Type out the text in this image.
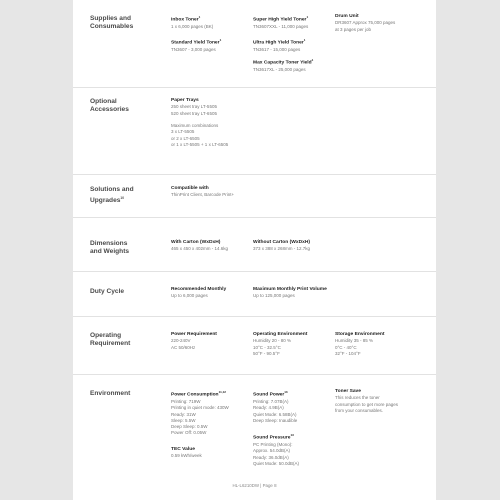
Supplies and
Consumables
Inbox Toner$^1$
1 x 6,000 pages (BK)
Standard Yield Toner$^1$
TN3607 - 3,000 pages
Super High Yield Toner$^1$
TN3607XXL - 11,000 pages
Ultra High Yield Toner$^1$
TN3617 - 15,000 pages
Max Capacity Toner Yield$^1$
TN3617XL - 25,000 pages
Drum Unit
DR3607 Approx 75,000 pages
at 3 pages per job
Optional
Accessories
Paper Trays
250 sheet tray LT-5505
520 sheet tray LT-6505
Maximum combinations
3 x LT-5505
or 2 x LT-6505
or 1 x LT-5505 + 1 x LT-6505
Solutions and
Upgrades$^{10}$
Compatible with
ThinPrint Client, Barcode Print+
Dimensions
and Weights
With Carton (WxDxH)
465 x 450 x 402mm - 14.6kg
Without Carton (WxDxH)
373 x 388 x 268mm - 12.7kg
Duty Cycle	Recommended Monthly
Up to 6,000 pages
Maximum Monthly Print Volume
Up to 125,000 pages
Operating
Requirement
Power Requirement
220-240V
AC 50/60Hz
Operating Environment
Humidity 20 - 80 %
10°C - 32.5°C
50°F - 90.5°F
Storage Environment
Humidity 35 - 85 %
0°C - 40°C
32°F - 104°F
Environment	Power Consumption$^{11,12}$
Printing: 719W
Printing in quiet mode: 430W
Ready: 31W
Sleep: 5.5W
Deep Sleep: 0.5W
Power Off: 0.05W
TEC Value
0.59 kWh/week
Sound Power$^{13}$
Printing: 7.07B(A)
Ready: 4.9B(A)
Quiet Mode: 6.58B(A)
Deep Sleep: Inaudible
Sound Pressure$^{13}$
PC Printing (Mono):
Approx. 54.0dB(A)
Ready: 36.0dB(A)
Quiet Mode: 50.0dB(A)
Toner Save
This reduces the toner
consumption to get more pages
from your consumables.
HL-L6210DW | Page 8
